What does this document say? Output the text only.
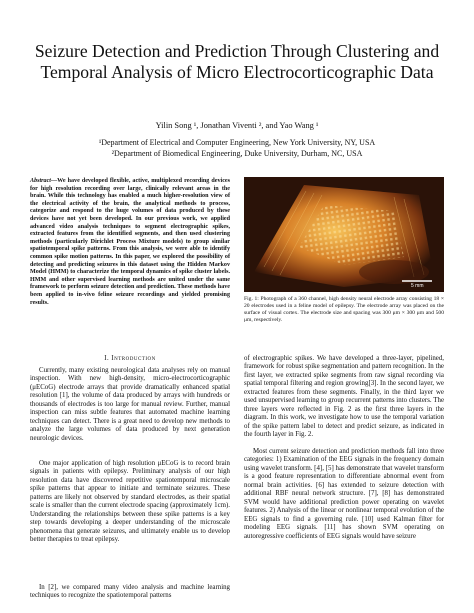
Seizure Detection and Prediction Through Clustering and Temporal Analysis of Micro Electrocorticographic Data
Yilin Song ¹, Jonathan Viventi ², and Yao Wang ¹
¹Department of Electrical and Computer Engineering, New York University, NY, USA
²Department of Biomedical Engineering, Duke University, Durham, NC, USA

Abstract—We have developed flexible, active, multiplexed recording devices for high resolution recording over large, clinically relevant areas in the brain. While this technology has enabled a much higher-resolution view of the electrical activity of the brain, the analytical methods to process, categorize and respond to the huge volumes of data produced by these devices have not yet been developed. In our previous work, we applied advanced video analysis techniques to segment electrographic spikes, extracted features from the identified segments, and then used clustering methods (particularly Dirichlet Process Mixture models) to group similar spatiotemporal spike patterns. From this analysis, we were able to identify common spike motion patterns. In this paper, we explored the possibility of detecting and predicting seizures in this dataset using the Hidden Markov Model (HMM) to characterize the temporal dynamics of spike cluster labels. HMM and other supervised learning methods are united under the same framework to perform seizure detection and prediction. These methods have been applied to in-vivo feline seizure recordings and yielded promising results.

I. Introduction

Currently, many existing neurological data analyses rely on manual inspection. With new high-density, micro-electrocorticographic (μECoG) electrode arrays that provide dramatically enhanced spatial resolution [1], the volume of data produced by arrays with hundreds or thousands of electrodes is too large for manual review. Further, manual inspection can miss subtle features that automated machine learning techniques can detect. There is a great need to develop new methods to analyze the large volumes of data produced by next generation neurologic devices.

One major application of high resolution μECoG is to record brain signals in patients with epilepsy. Preliminary analysis of our high resolution data have discovered repetitive spatiotemporal microscale spike patterns that appear to initiate and terminate seizures. These patterns are likely not observed by standard electrodes, as their spatial scale is smaller than the current electrode spacing (approximately 1cm). Understanding the relationships between these spike patterns is a key step towards developing a deeper understanding of the microscale phenomena that generate seizures, and ultimately enable us to develop better therapies to treat epilepsy.

In [2], we compared many video analysis and machine learning techniques to recognize the spatiotemporal patterns

5 mm

Fig. 1: Photograph of a 360 channel, high density neural electrode array consisting 18 × 20 electrodes used in a feline model of epilepsy. The electrode array was placed on the surface of visual cortex. The electrode size and spacing was 300 μm × 300 μm and 500 μm, respectively.

of electrographic spikes. We have developed a three-layer, pipelined, framework for robust spike segmentation and pattern recognition. In the first layer, we extracted spike segments from raw signal recording via spatial temporal filtering and region growing[3]. In the second layer, we extracted features from these segments. Finally, in the third layer we used unsupervised learning to group recurrent patterns into clusters. The three layers were reflected in Fig. 2 as the first three layers in the diagram. In this work, we investigate how to use the temporal variation of the spike pattern label to detect and predict seizure, as indicated in the fourth layer in Fig. 2.

Most current seizure detection and prediction methods fall into three categories: 1) Examination of the EEG signals in the frequency domain using wavelet transform. [4], [5] has demonstrate that wavelet transform is a good feature representation to differentiate abnormal event from normal brain activities. [6] has extended to seizure detection with additional RBF neural network structure. [7], [8] has demonstrated SVM would have additional prediction power operating on wavelet features. 2) Analysis of the linear or nonlinear temporal evolution of the EEG signals to find a governing rule. [10] used Kalman filter for modeling EEG signals. [11] has shown SVM operating on autoregressive coefficients of EEG signals would have seizure
